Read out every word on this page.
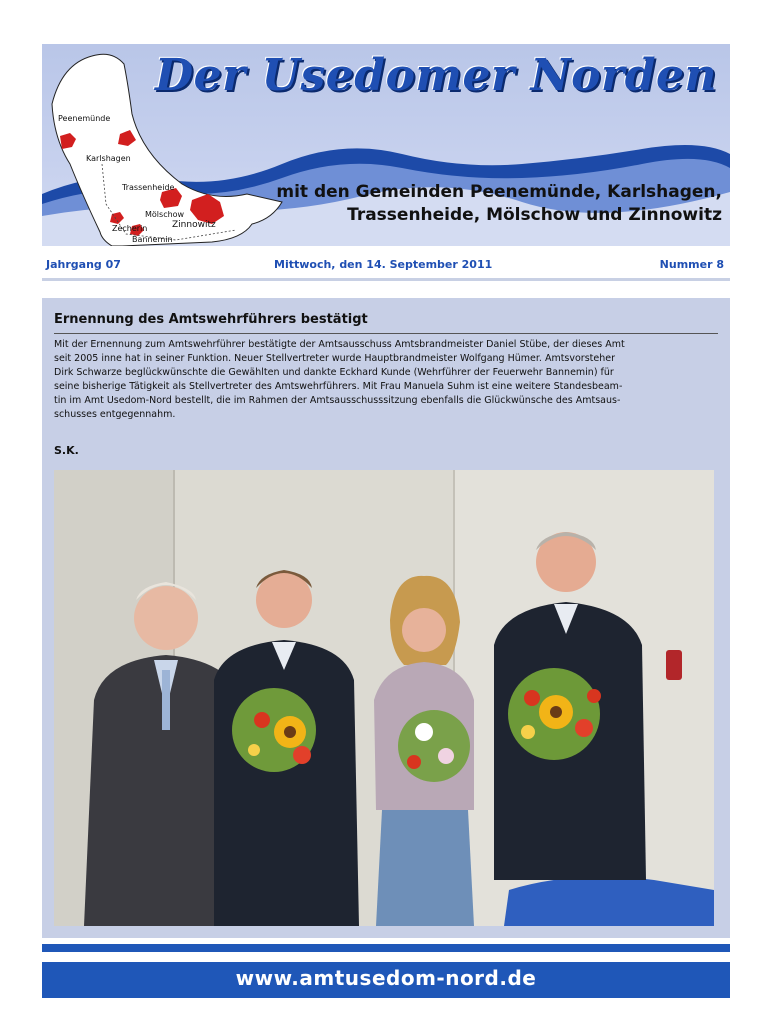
Peenemünde
Karlshagen
Trassenheide
Mölschow
Zinnowitz
Zecherin
Bannemin
Der Usedomer Norden
mit den Gemeinden Peenemünde, Karlshagen,
Trassenheide, Mölschow und Zinnowitz
Jahrgang 07	Mittwoch, den 14. September 2011	Nummer 8
Ernennung des Amtswehrführers bestätigt
Mit der Ernennung zum Amtswehrführer bestätigte der Amtsausschuss Amtsbrandmeister Daniel Stübe, der dieses Amt
seit 2005 inne hat in seiner Funktion. Neuer Stellvertreter wurde Hauptbrandmeister Wolfgang Hümer. Amtsvorsteher
Dirk Schwarze beglückwünschte die Gewählten und dankte Eckhard Kunde (Wehrführer der Feuerwehr Bannemin) für
seine bisherige Tätigkeit als Stellvertreter des Amtswehrführers. Mit Frau Manuela Suhm ist eine weitere Standesbeam-
tin im Amt Usedom-Nord bestellt, die im Rahmen der Amtsausschusssitzung ebenfalls die Glückwünsche des Amtsaus-
schusses entgegennahm.
S.K.
www.amtusedom-nord.de
